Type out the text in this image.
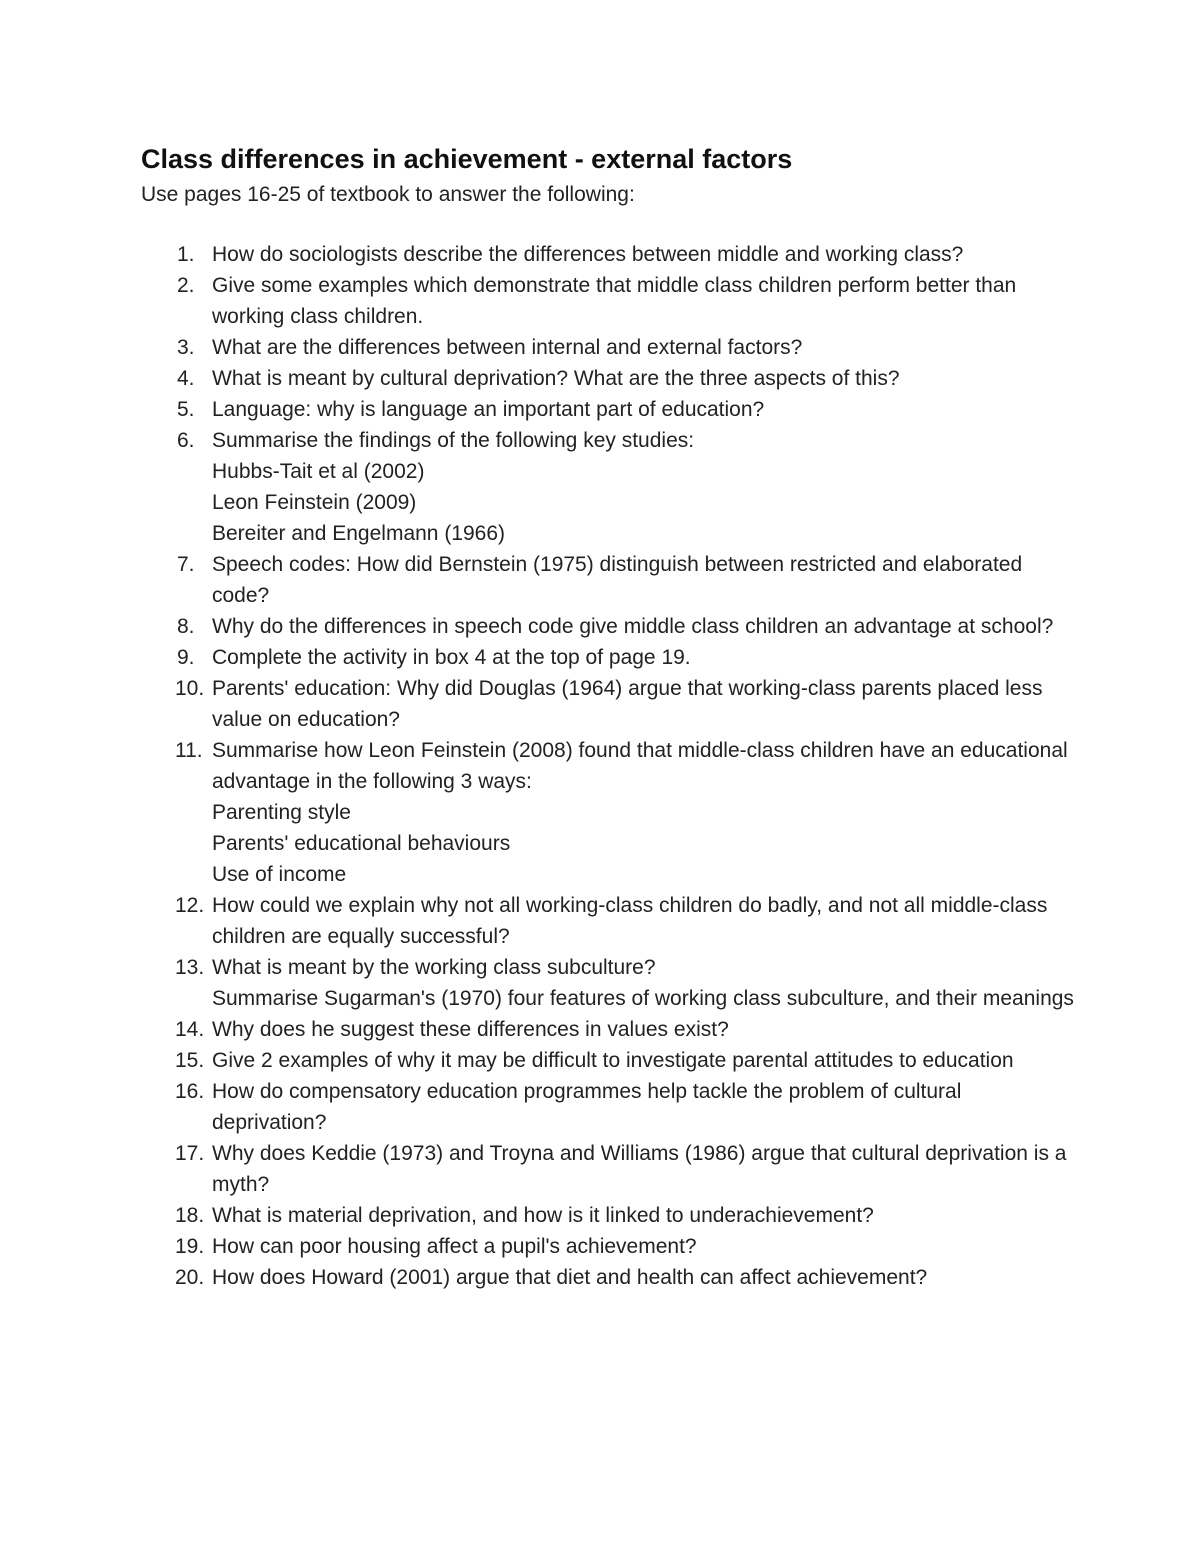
Class differences in achievement - external factors

Use pages 16-25 of textbook to answer the following:

1. How do sociologists describe the differences between middle and working class?
2. Give some examples which demonstrate that middle class children perform better than working class children.
3. What are the differences between internal and external factors?
4. What is meant by cultural deprivation? What are the three aspects of this?
5. Language: why is language an important part of education?
6. Summarise the findings of the following key studies:
Hubbs-Tait et al (2002)
Leon Feinstein (2009)
Bereiter and Engelmann (1966)
7. Speech codes: How did Bernstein (1975) distinguish between restricted and elaborated code?
8. Why do the differences in speech code give middle class children an advantage at school?
9. Complete the activity in box 4 at the top of page 19.
10. Parents' education: Why did Douglas (1964) argue that working-class parents placed less value on education?
11. Summarise how Leon Feinstein (2008) found that middle-class children have an educational advantage in the following 3 ways:
Parenting style
Parents' educational behaviours
Use of income
12. How could we explain why not all working-class children do badly, and not all middle-class children are equally successful?
13. What is meant by the working class subculture?
Summarise Sugarman's (1970) four features of working class subculture, and their meanings
14. Why does he suggest these differences in values exist?
15. Give 2 examples of why it may be difficult to investigate parental attitudes to education
16. How do compensatory education programmes help tackle the problem of cultural deprivation?
17. Why does Keddie (1973) and Troyna and Williams (1986) argue that cultural deprivation is a myth?
18. What is material deprivation, and how is it linked to underachievement?
19. How can poor housing affect a pupil's achievement?
20. How does Howard (2001) argue that diet and health can affect achievement?
